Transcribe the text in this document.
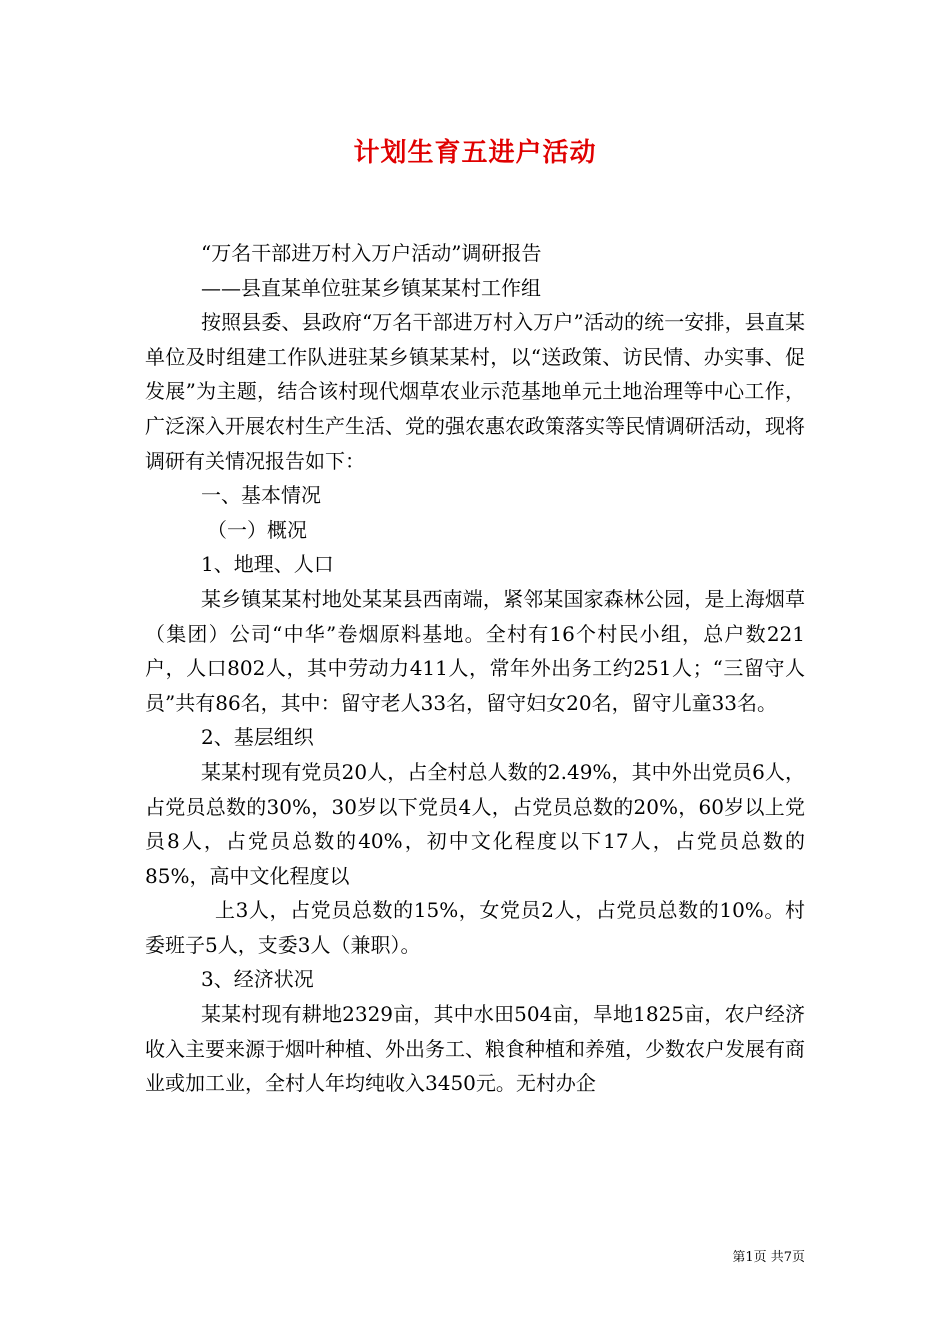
计划生育五进户活动

“万名干部进万村入万户活动”调研报告

——县直某单位驻某乡镇某某村工作组

按照县委、县政府“万名干部进万村入万户”活动的统一安排，县直某单位及时组建工作队进驻某乡镇某某村，以“送政策、访民情、办实事、促发展”为主题，结合该村现代烟草农业示范基地单元土地治理等中心工作，广泛深入开展农村生产生活、党的强农惠农政策落实等民情调研活动，现将调研有关情况报告如下：

一、基本情况

（一）概况

1、地理、人口

某乡镇某某村地处某某县西南端，紧邻某国家森林公园，是上海烟草（集团）公司“中华”卷烟原料基地。全村有16个村民小组，总户数221户，人口802人，其中劳动力411人，常年外出务工约251人；“三留守人员”共有86名，其中：留守老人33名，留守妇女20名，留守儿童33名。

2、基层组织

某某村现有党员20人，占全村总人数的2.49%，其中外出党员6人，占党员总数的30%，30岁以下党员4人，占党员总数的20%，60岁以上党员8人，占党员总数的40%，初中文化程度以下17人，占党员总数的85%，高中文化程度以

上3人，占党员总数的15%，女党员2人，占党员总数的10%。村委班子5人，支委3人（兼职）。

3、经济状况

某某村现有耕地2329亩，其中水田504亩，旱地1825亩，农户经济收入主要来源于烟叶种植、外出务工、粮食种植和养殖，少数农户发展有商业或加工业，全村人年均纯收入3450元。无村办企

第1页 共7页
